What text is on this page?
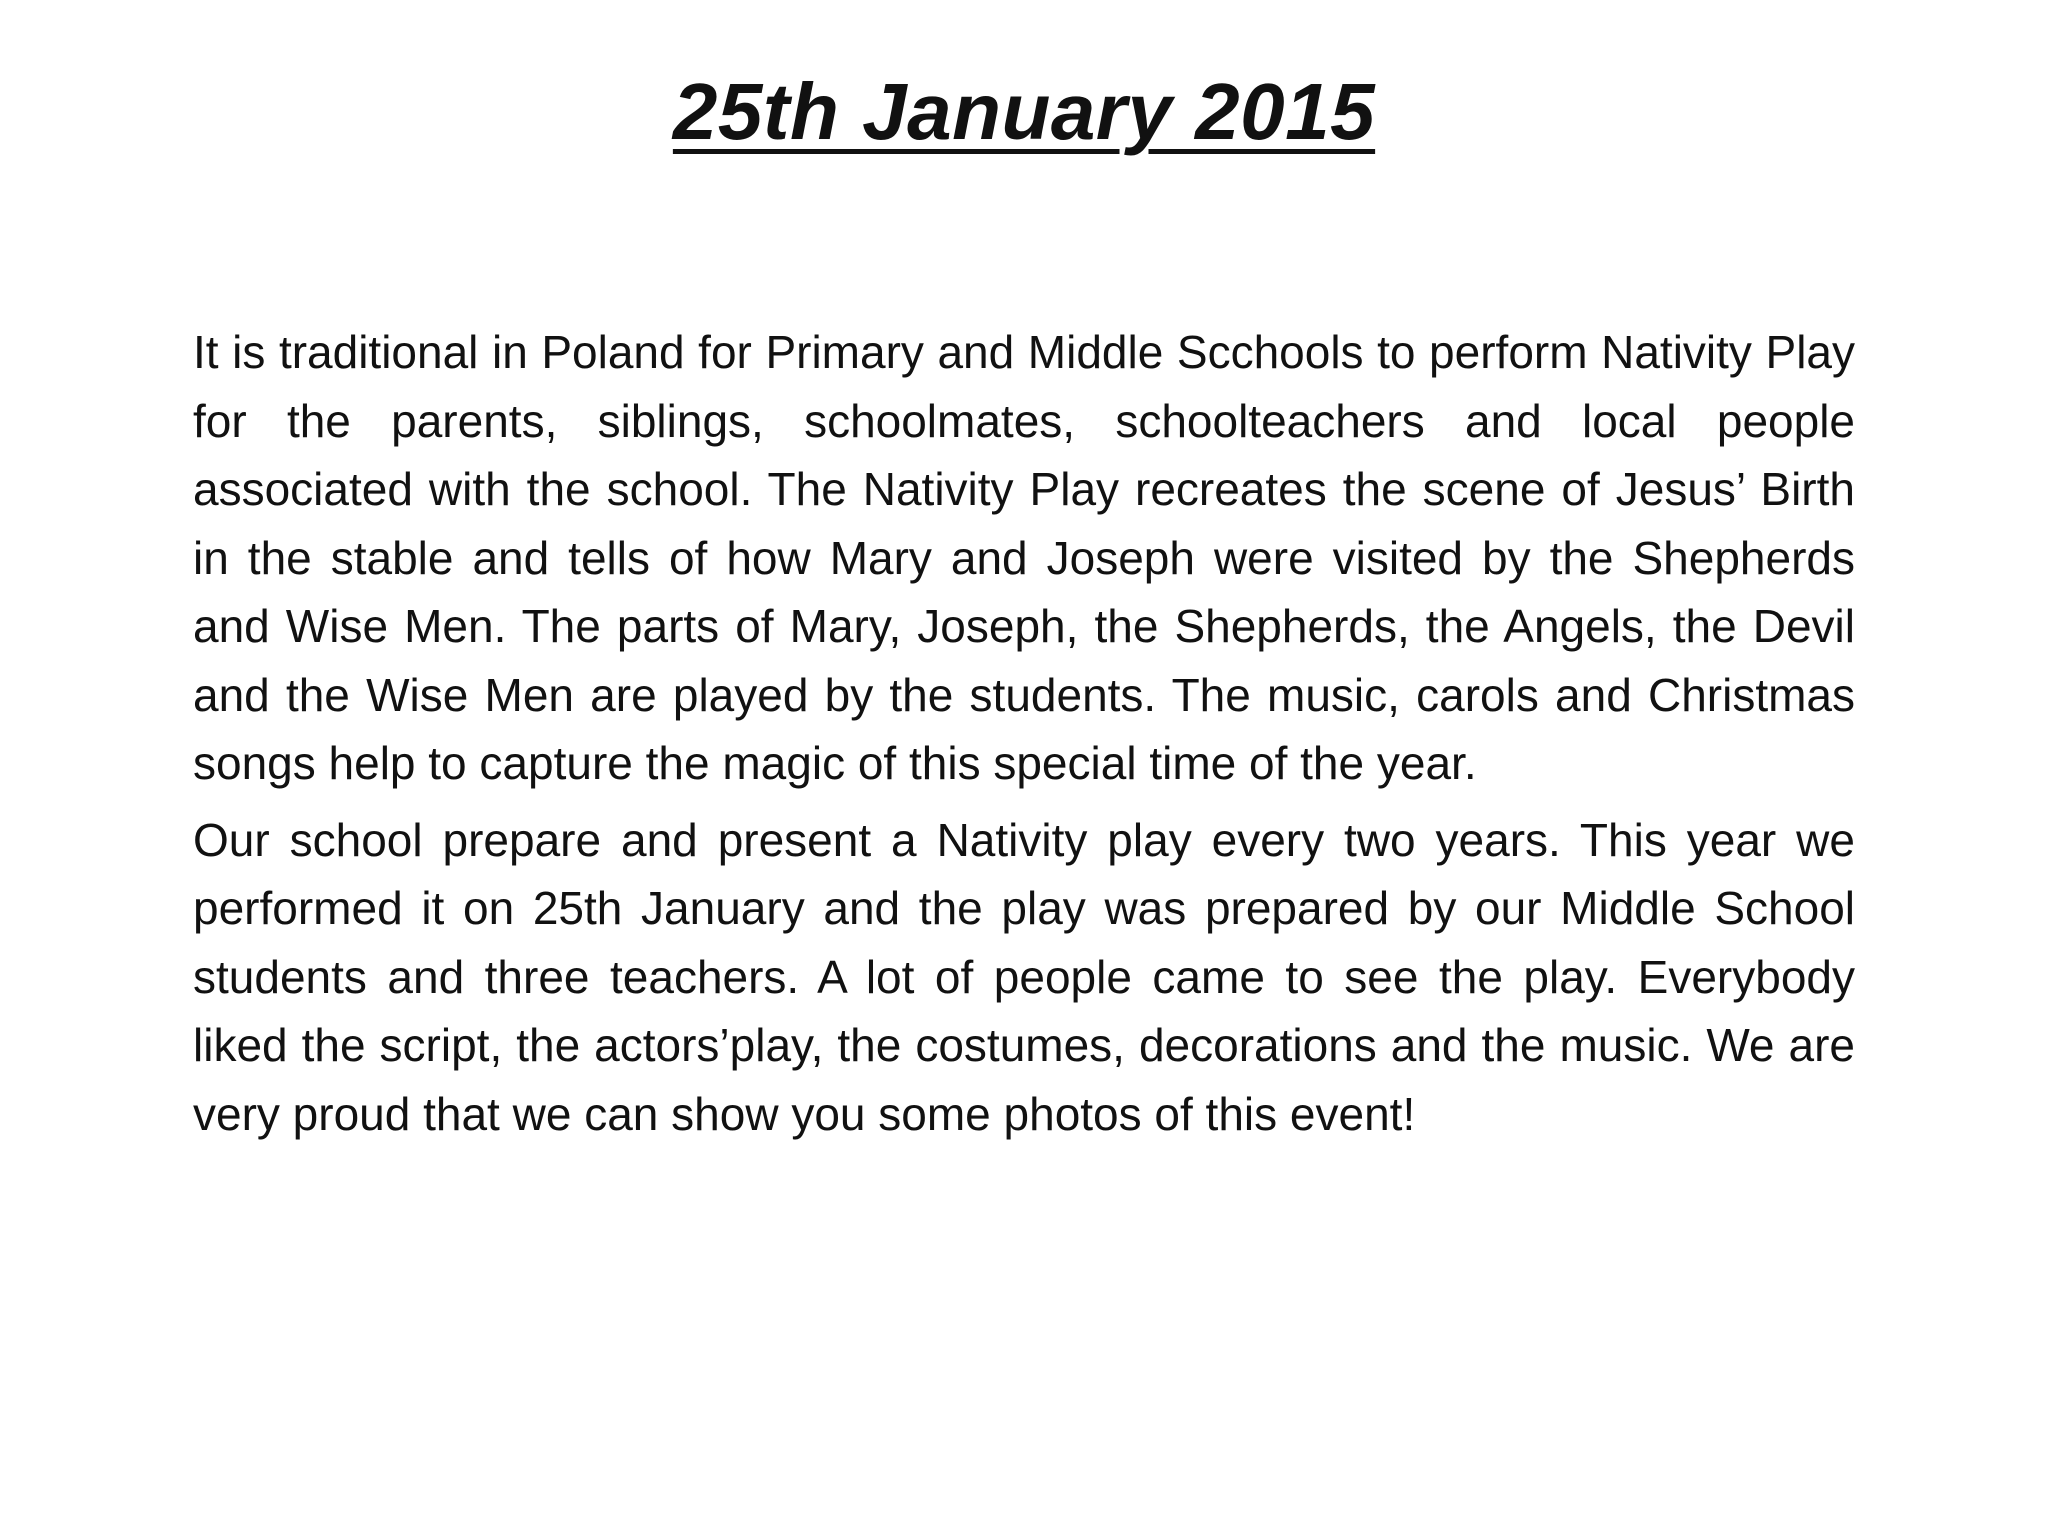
25th January 2015

It is traditional in Poland for Primary and Middle Scchools to perform Nativity Play for the parents, siblings, schoolmates, schoolteachers and local people associated with the school. The Nativity Play recreates the scene of Jesus’ Birth in the stable and tells of how Mary and Joseph were visited by the Shepherds and Wise Men. The parts of Mary, Joseph, the Shepherds, the Angels, the Devil and the Wise Men are played by the students. The music, carols and Christmas songs help to capture the magic of this special time of the year.

Our school prepare and present a Nativity play every two years. This year we performed it on 25th January and the play was prepared by our Middle School students and three teachers. A lot of people came to see the play. Everybody liked the script, the actors’play, the costumes, decorations and the music. We are very proud that we can show you some photos of this event!
